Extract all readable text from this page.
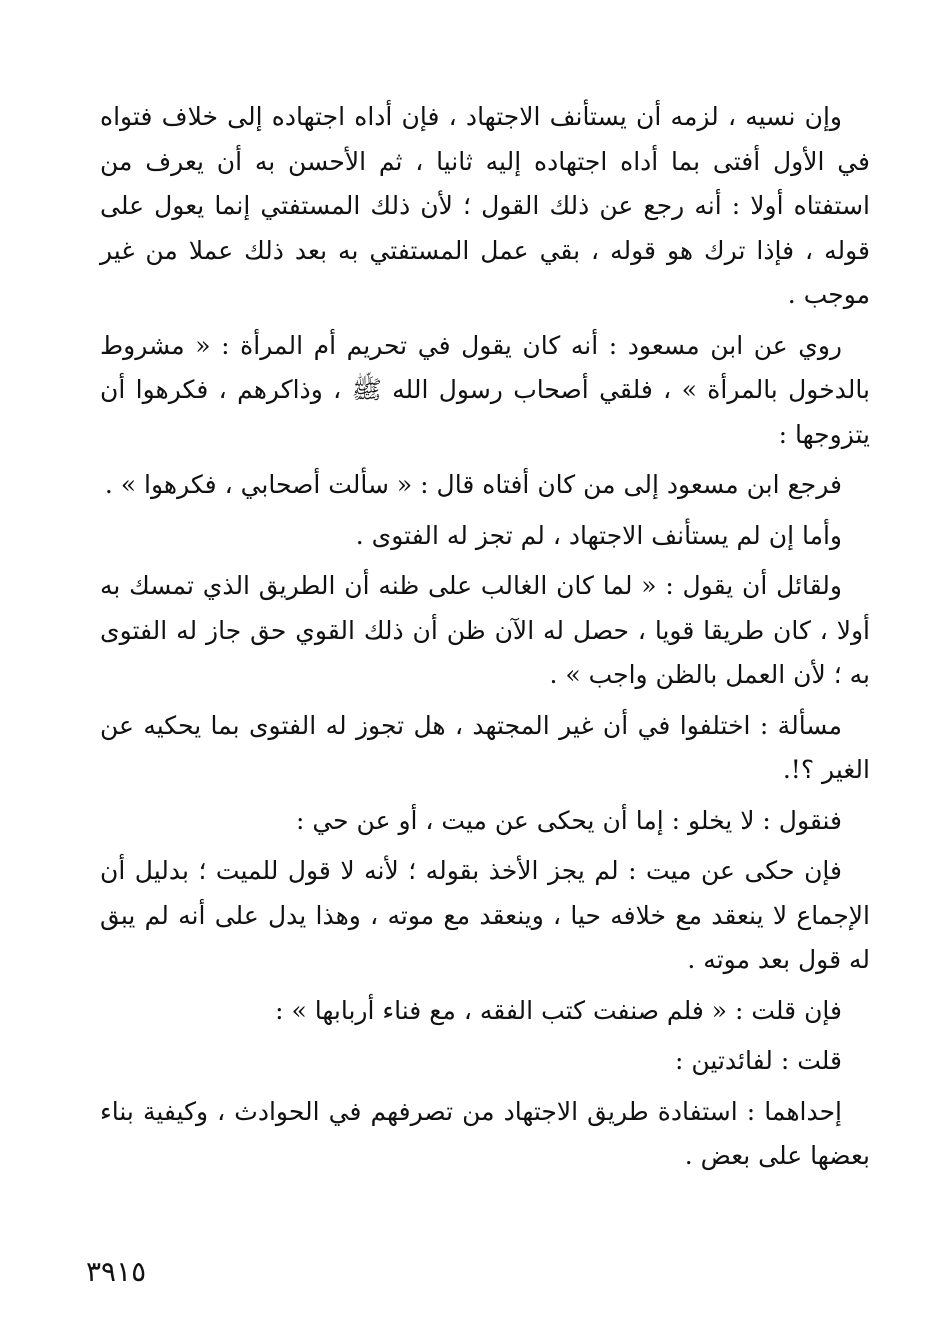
وإن نسيه ، لزمه أن يستأنف الاجتهاد ، فإن أداه اجتهاده إلى خلاف فتواه في الأول أفتى بما أداه اجتهاده إليه ثانيا ، ثم الأحسن به أن يعرف من استفتاه أولا : أنه رجع عن ذلك القول ؛ لأن ذلك المستفتي إنما يعول على قوله ، فإذا ترك هو قوله ، بقي عمل المستفتي به بعد ذلك عملا من غير موجب .

روي عن ابن مسعود : أنه كان يقول في تحريم أم المرأة : « مشروط بالدخول بالمرأة » ، فلقي أصحاب رسول الله ﷺ ، وذاكرهم ، فكرهوا أن يتزوجها :

فرجع ابن مسعود إلى من كان أفتاه قال : « سألت أصحابي ، فكرهوا » .

وأما إن لم يستأنف الاجتهاد ، لم تجز له الفتوى .

ولقائل أن يقول : « لما كان الغالب على ظنه أن الطريق الذي تمسك به أولا ، كان طريقا قويا ، حصل له الآن ظن أن ذلك القوي حق جاز له الفتوى به ؛ لأن العمل بالظن واجب » .

مسألة : اختلفوا في أن غير المجتهد ، هل تجوز له الفتوى بما يحكيه عن الغير ؟!.

فنقول : لا يخلو : إما أن يحكى عن ميت ، أو عن حي :

فإن حكى عن ميت : لم يجز الأخذ بقوله ؛ لأنه لا قول للميت ؛ بدليل أن الإجماع لا ينعقد مع خلافه حيا ، وينعقد مع موته ، وهذا يدل على أنه لم يبق له قول بعد موته .

فإن قلت : « فلم صنفت كتب الفقه ، مع فناء أربابها » :

قلت : لفائدتين :

إحداهما : استفادة طريق الاجتهاد من تصرفهم في الحوادث ، وكيفية بناء بعضها على بعض .

٣٩١٥
